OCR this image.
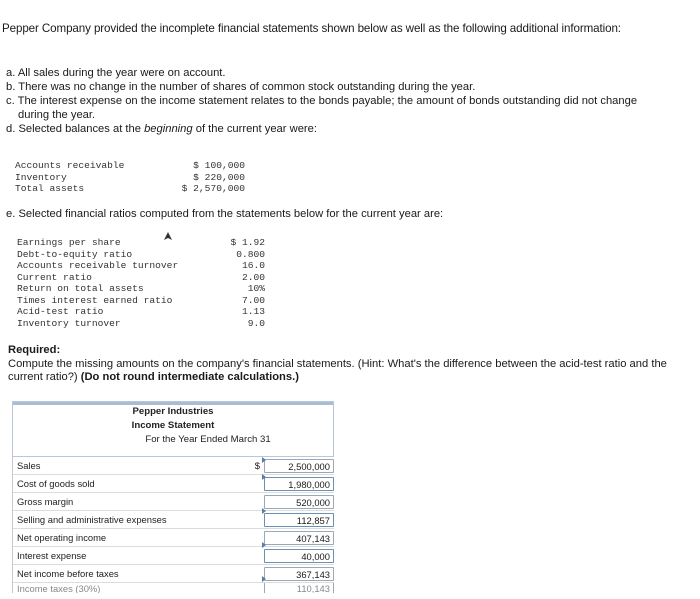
Pepper Company provided the incomplete financial statements shown below as well as the following additional information:
a. All sales during the year were on account.
b. There was no change in the number of shares of common stock outstanding during the year.
c. The interest expense on the income statement relates to the bonds payable; the amount of bonds outstanding did not change
during the year.
d. Selected balances at the beginning of the current year were:
Accounts receivable	$ 100,000
Inventory	$ 220,000
Total assets	$ 2,570,000
e. Selected financial ratios computed from the statements below for the current year are:
Earnings per share	$ 1.92
Debt-to-equity ratio	0.800
Accounts receivable turnover	16.0
Current ratio	2.00
Return on total assets	10%
Times interest earned ratio	7.00
Acid-test ratio	1.13
Inventory turnover	9.0
Required:
Compute the missing amounts on the company's financial statements. (Hint: What's the difference between the acid-test ratio and the
current ratio?) (Do not round intermediate calculations.)
Pepper Industries
Income Statement
For the Year Ended March 31
Sales	$	2,500,000
Cost of goods sold	1,980,000
Gross margin	520,000
Selling and administrative expenses	112,857
Net operating income	407,143
Interest expense	40,000
Net income before taxes	367,143
Income taxes (30%)	110,143
